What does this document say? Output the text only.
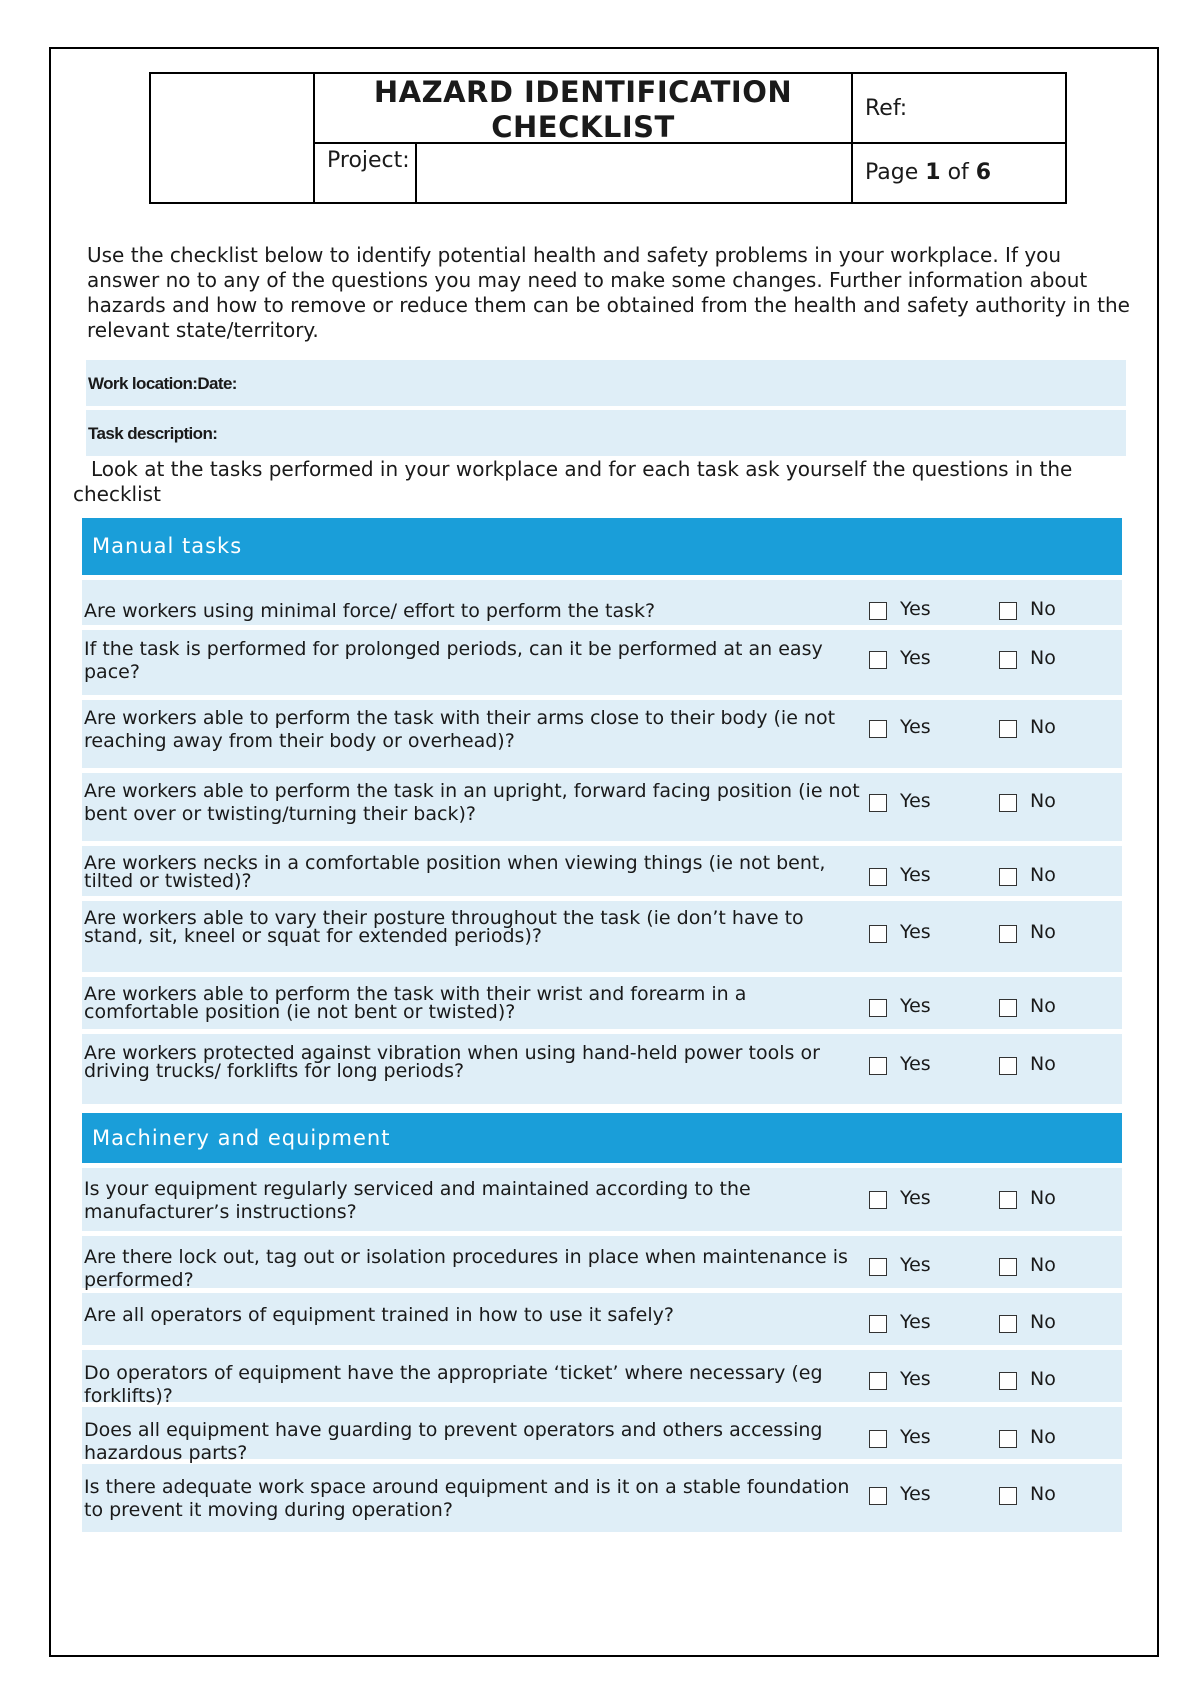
HAZARD IDENTIFICATION CHECKLIST
Ref:
Project:	Page 1 of 6
Use the checklist below to identify potential health and safety problems in your workplace. If you answer no to any of the questions you may need to make some changes. Further information about hazards and how to remove or reduce them can be obtained from the health and safety authority in the relevant state/territory.
Work location:Date:
Task description:
Look at the tasks performed in your workplace and for each task ask yourself the questions in the checklist
Manual tasks
Machinery and equipment
Are workers using minimal force/ effort to perform the task?	Yes	No
If the task is performed for prolonged periods, can it be performed at an easy pace?
Yes	No
Are workers able to perform the task with their arms close to their body (ie not reaching away from their body or overhead)?
Yes	No
Are workers able to perform the task in an upright, forward facing position (ie not bent over or twisting/turning their back)?
Yes	No
Are workers necks in a comfortable position when viewing things (ie not bent, tilted or twisted)?	Yes	No
Are workers able to vary their posture throughout the task (ie don’t have to stand, sit, kneel or squat for extended periods)?	Yes	No
Are workers able to perform the task with their wrist and forearm in a comfortable position (ie not bent or twisted)?	Yes	No
Are workers protected against vibration when using hand-held power tools or driving trucks/ forklifts for long periods?	Yes	No
Is your equipment regularly serviced and maintained according to the manufacturer’s instructions?
Yes	No
Are there lock out, tag out or isolation procedures in place when maintenance is performed?
Yes	No
Are all operators of equipment trained in how to use it safely?	Yes	No
Do operators of equipment have the appropriate ‘ticket’ where necessary (eg forklifts)?
Yes	No
Does all equipment have guarding to prevent operators and others accessing hazardous parts?
Yes	No
Is there adequate work space around equipment and is it on a stable foundation to prevent it moving during operation?
Yes	No
